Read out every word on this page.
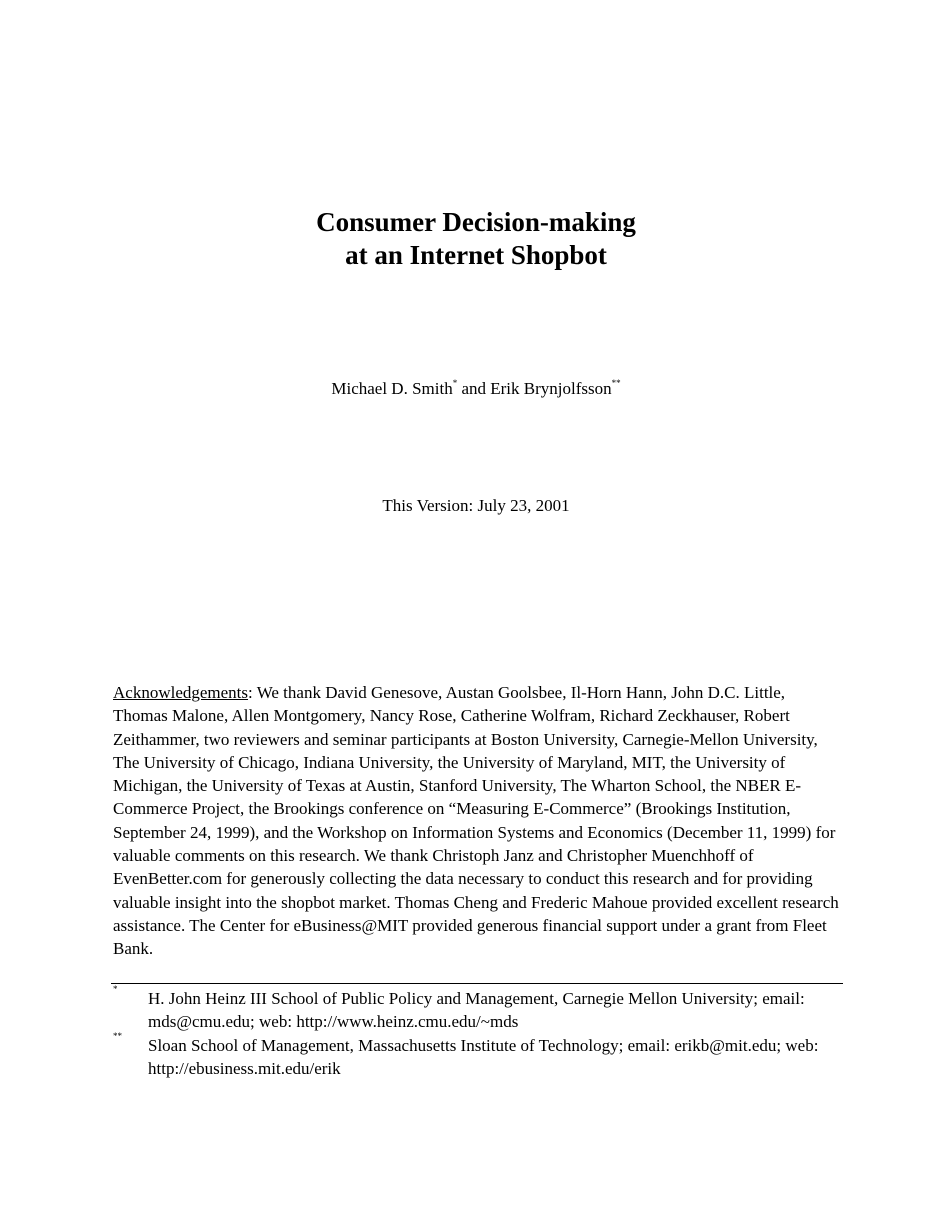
Consumer Decision-making
at an Internet Shopbot
Michael D. Smith* and Erik Brynjolfsson**
This Version: July 23, 2001

Acknowledgements: We thank David Genesove, Austan Goolsbee, Il-Horn Hann, John D.C. Little, Thomas Malone, Allen Montgomery, Nancy Rose, Catherine Wolfram, Richard Zeckhauser, Robert Zeithammer, two reviewers and seminar participants at Boston University, Carnegie-Mellon University, The University of Chicago, Indiana University, the University of Maryland, MIT, the University of Michigan, the University of Texas at Austin, Stanford University, The Wharton School, the NBER E-Commerce Project, the Brookings conference on “Measuring E-Commerce” (Brookings Institution, September 24, 1999), and the Workshop on Information Systems and Economics (December 11, 1999) for valuable comments on this research. We thank Christoph Janz and Christopher Muenchhoff of EvenBetter.com for generously collecting the data necessary to conduct this research and for providing valuable insight into the shopbot market. Thomas Cheng and Frederic Mahoue provided excellent research assistance. The Center for eBusiness@MIT provided generous financial support under a grant from Fleet Bank.

* H. John Heinz III School of Public Policy and Management, Carnegie Mellon University; email: mds@cmu.edu; web: http://www.heinz.cmu.edu/~mds
** Sloan School of Management, Massachusetts Institute of Technology; email: erikb@mit.edu; web: http://ebusiness.mit.edu/erik
